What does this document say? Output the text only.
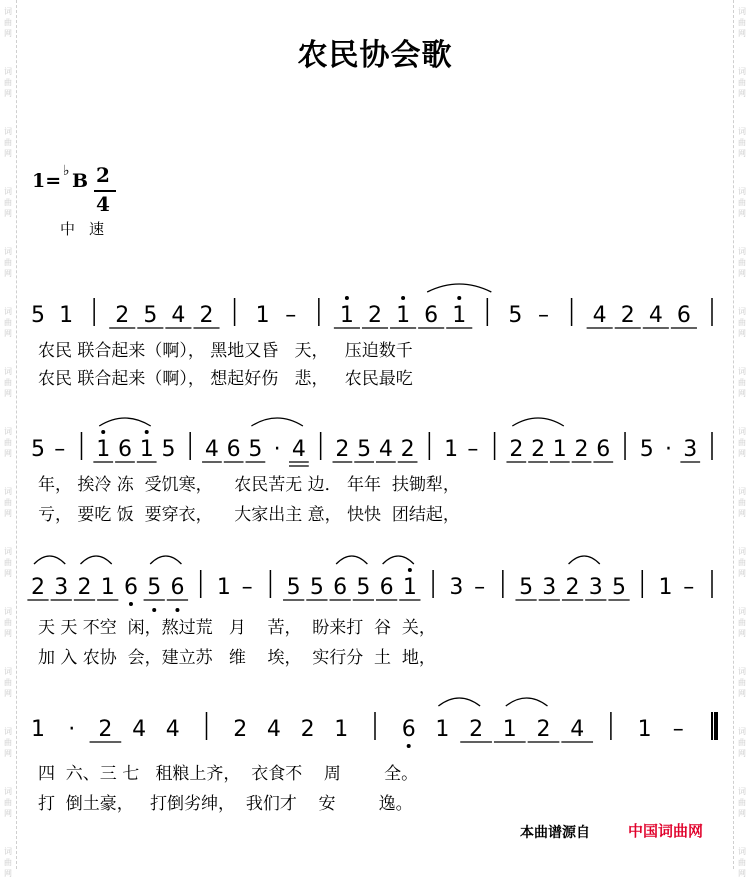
词
曲
网
词
曲
网
词
曲
网
词
曲
网
词
曲
网
词
曲
网
词
曲
网
词
曲
网
词
曲
网
词
曲
网
词
曲
网
词
曲
网
词
曲
网
词
曲
网
词
曲
网
词
曲
网
词
曲
网
词
曲
网
词
曲
网
词
曲
网
词
曲
网
词
曲
网
词
曲
网
词
曲
网
词
曲
网
词
曲
网
词
曲
网
词
曲
网
词
曲
网
词
曲
网
农民协会歌
1= ♭ B 2
4
中速
5 1 2 5 4 2 1 – 1 2 1 6 1 5 – 4 2 4 6
5 – 1 6 1 5 4 6 5 · 4 2 5 4 2 1 – 2 2 1 2 6 5 · 3
2 3 2 1 6 5 6 1 – 5 5 6 5 6 1 3 – 5 3 2 3 5 1 –
1 · 2 4 4 2 4 2 1 6 1 2 1 2 4 1 –
农民 联合起来（啊）， 黑地又昏   天，   压迫数千
农民 联合起来（啊）， 想起好伤   悲，   农民最吃
年， 挨冷 冻  受饥寒，    农民苦无 边． 年年  扶锄犁，
亏， 要吃 饭  要穿衣，    大家出主 意， 快快  团结起，
天 天 不空  闲，熬过荒   月    苦，  盼来打  谷  关，
加 入 农协  会，建立苏   维    埃，  实行分  土  地，
四  六、三 七   租粮上齐，  衣食不    周        全。
打  倒土豪，   打倒劣绅，  我们才    安        逸。
本曲谱源自	中国词曲网
